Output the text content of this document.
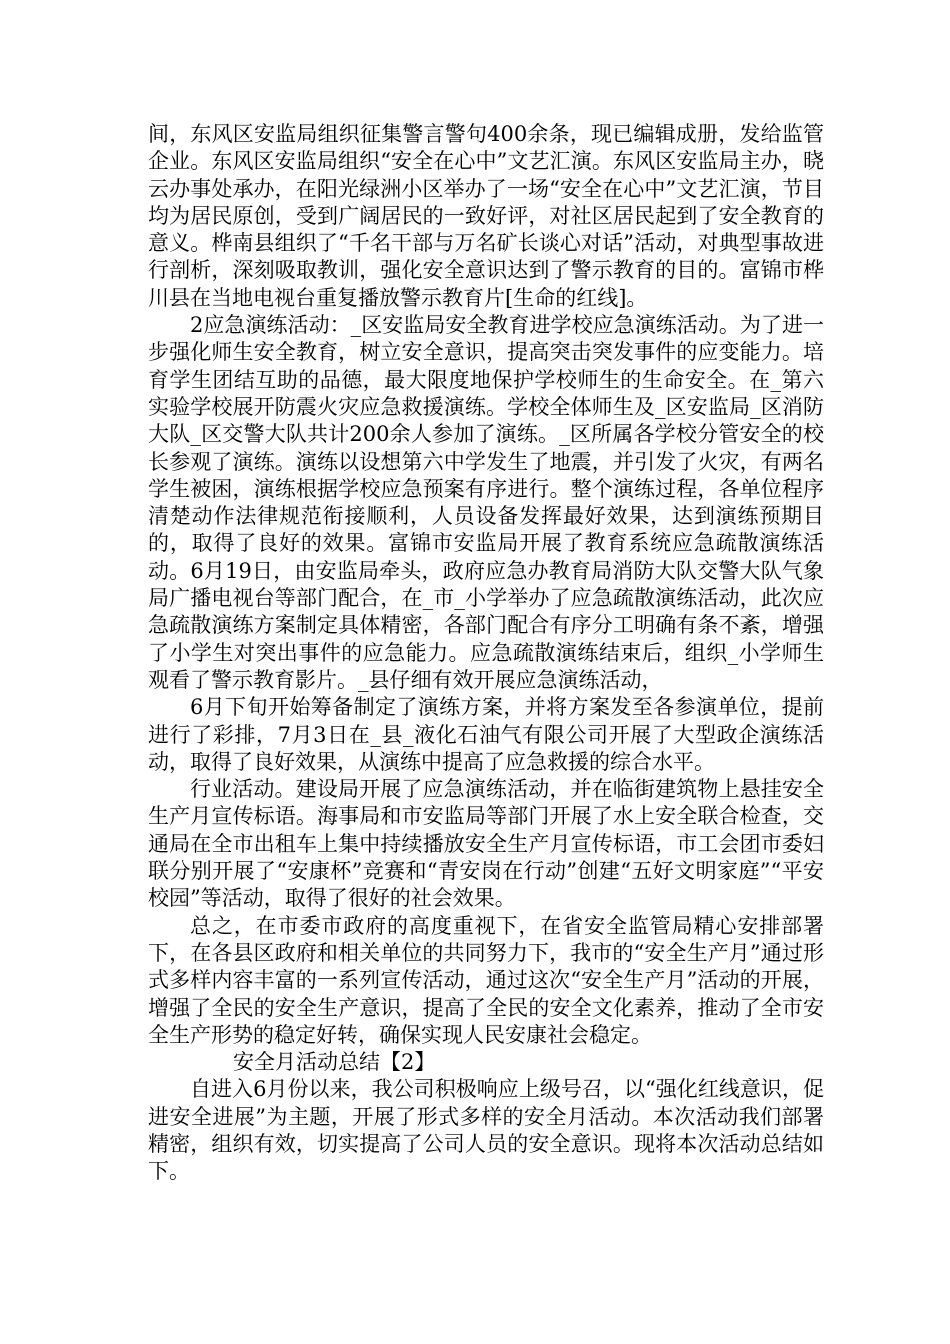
间，东风区安监局组织征集警言警句400余条，现已编辑成册，发给监管企业。东风区安监局组织“安全在心中”文艺汇演。东风区安监局主办，晓云办事处承办，在阳光绿洲小区举办了一场“安全在心中”文艺汇演，节目均为居民原创，受到广阔居民的一致好评，对社区居民起到了安全教育的意义。桦南县组织了“千名干部与万名矿长谈心对话”活动，对典型事故进行剖析，深刻吸取教训，强化安全意识达到了警示教育的目的。富锦市桦川县在当地电视台重复播放警示教育片[生命的红线]。

2应急演练活动：_区安监局安全教育进学校应急演练活动。为了进一步强化师生安全教育，树立安全意识，提高突击突发事件的应变能力。培育学生团结互助的品德，最大限度地保护学校师生的生命安全。在_第六实验学校展开防震火灾应急救援演练。学校全体师生及_区安监局_区消防大队_区交警大队共计200余人参加了演练。_区所属各学校分管安全的校长参观了演练。演练以设想第六中学发生了地震，并引发了火灾，有两名学生被困，演练根据学校应急预案有序进行。整个演练过程，各单位程序清楚动作法律规范衔接顺利，人员设备发挥最好效果，达到演练预期目的，取得了良好的效果。富锦市安监局开展了教育系统应急疏散演练活动。6月19日，由安监局牵头，政府应急办教育局消防大队交警大队气象局广播电视台等部门配合，在_市_小学举办了应急疏散演练活动，此次应急疏散演练方案制定具体精密，各部门配合有序分工明确有条不紊，增强了小学生对突出事件的应急能力。应急疏散演练结束后，组织_小学师生观看了警示教育影片。_县仔细有效开展应急演练活动，

6月下旬开始筹备制定了演练方案，并将方案发至各参演单位，提前进行了彩排，7月3日在_县_液化石油气有限公司开展了大型政企演练活动，取得了良好效果，从演练中提高了应急救援的综合水平。

行业活动。建设局开展了应急演练活动，并在临街建筑物上悬挂安全生产月宣传标语。海事局和市安监局等部门开展了水上安全联合检查，交通局在全市出租车上集中持续播放安全生产月宣传标语，市工会团市委妇联分别开展了“安康杯”竞赛和“青安岗在行动”创建“五好文明家庭”“平安校园”等活动，取得了很好的社会效果。

总之，在市委市政府的高度重视下，在省安全监管局精心安排部署下，在各县区政府和相关单位的共同努力下，我市的“安全生产月”通过形式多样内容丰富的一系列宣传活动，通过这次“安全生产月”活动的开展，增强了全民的安全生产意识，提高了全民的安全文化素养，推动了全市安全生产形势的稳定好转，确保实现人民安康社会稳定。

安全月活动总结【2】

自进入6月份以来，我公司积极响应上级号召，以“强化红线意识，促进安全进展”为主题，开展了形式多样的安全月活动。本次活动我们部署精密，组织有效，切实提高了公司人员的安全意识。现将本次活动总结如下。
